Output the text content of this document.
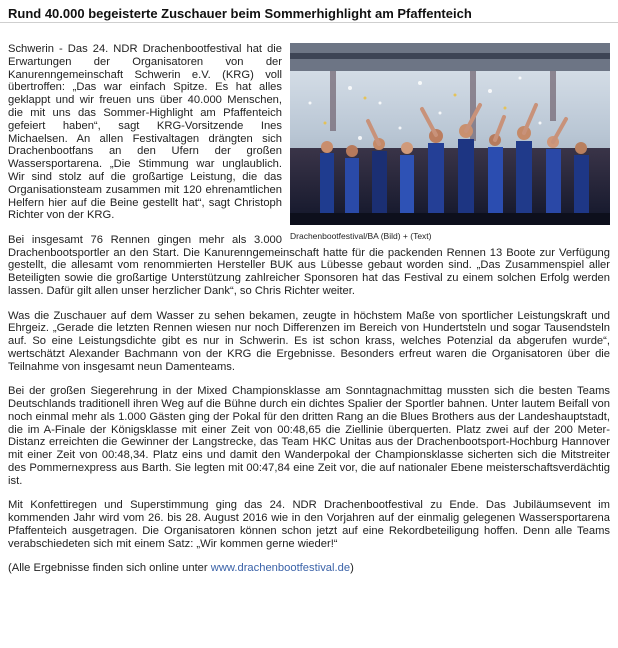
Rund 40.000 begeisterte Zuschauer beim Sommerhighlight am Pfaffenteich
Drachenbootfestival/BA (Bild) + (Text)

Schwerin - Das 24. NDR Drachenbootfestival hat die Erwartungen der Organisatoren von der Kanurenngemeinschaft Schwerin e.V. (KRG) voll übertroffen: „Das war einfach Spitze. Es hat alles geklappt und wir freuen uns über 40.000 Menschen, die mit uns das Sommer-Highlight am Pfaffenteich gefeiert haben“, sagt KRG-Vorsitzende Ines Michaelsen. An allen Festivaltagen drängten sich Drachenbootfans an den Ufern der großen Wassersportarena. „Die Stimmung war unglaublich. Wir sind stolz auf die großartige Leistung, die das Organisationsteam zusammen mit 120 ehrenamtlichen Helfern hier auf die Beine gestellt hat“, sagt Christoph Richter von der KRG.

Bei insgesamt 76 Rennen gingen mehr als 3.000 Drachenbootsportler an den Start. Die Kanurenngemeinschaft hatte für die packenden Rennen 13 Boote zur Verfügung gestellt, die allesamt vom renommierten Hersteller BUK aus Lübesse gebaut worden sind. „Das Zusammenspiel aller Beteiligten sowie die großartige Unterstützung zahlreicher Sponsoren hat das Festival zu einem solchen Erfolg werden lassen. Dafür gilt allen unser herzlicher Dank“, so Chris Richter weiter.

Was die Zuschauer auf dem Wasser zu sehen bekamen, zeugte in höchstem Maße von sportlicher Leistungskraft und Ehrgeiz. „Gerade die letzten Rennen wiesen nur noch Differenzen im Bereich von Hundertsteln und sogar Tausendsteln auf. So eine Leistungsdichte gibt es nur in Schwerin. Es ist schon krass, welches Potenzial da abgerufen wurde“, wertschätzt Alexander Bachmann von der KRG die Ergebnisse. Besonders erfreut waren die Organisatoren über die Teilnahme von insgesamt neun Damenteams.

Bei der großen Siegerehrung in der Mixed Championsklasse am Sonntagnachmittag mussten sich die besten Teams Deutschlands traditionell ihren Weg auf die Bühne durch ein dichtes Spalier der Sportler bahnen. Unter lautem Beifall von noch einmal mehr als 1.000 Gästen ging der Pokal für den dritten Rang an die Blues Brothers aus der Landeshauptstadt, die im A-Finale der Königsklasse mit einer Zeit von 00:48,65 die Ziellinie überquerten. Platz zwei auf der 200 Meter-Distanz erreichten die Gewinner der Langstrecke, das Team HKC Unitas aus der Drachenbootsport-Hochburg Hannover mit einer Zeit von 00:48,34. Platz eins und damit den Wanderpokal der Championsklasse sicherten sich die Mitstreiter des Pommernexpress aus Barth. Sie legten mit 00:47,84 eine Zeit vor, die auf nationaler Ebene meisterschaftsverdächtig ist.

Mit Konfettiregen und Superstimmung ging das 24. NDR Drachenbootfestival zu Ende. Das Jubiläumsevent im kommenden Jahr wird vom 26. bis 28. August 2016 wie in den Vorjahren auf der einmalig gelegenen Wassersportarena Pfaffenteich ausgetragen. Die Organisatoren können schon jetzt auf eine Rekordbeteiligung hoffen. Denn alle Teams verabschiedeten sich mit einem Satz: „Wir kommen gerne wieder!“

(Alle Ergebnisse finden sich online unter www.drachenbootfestival.de)
